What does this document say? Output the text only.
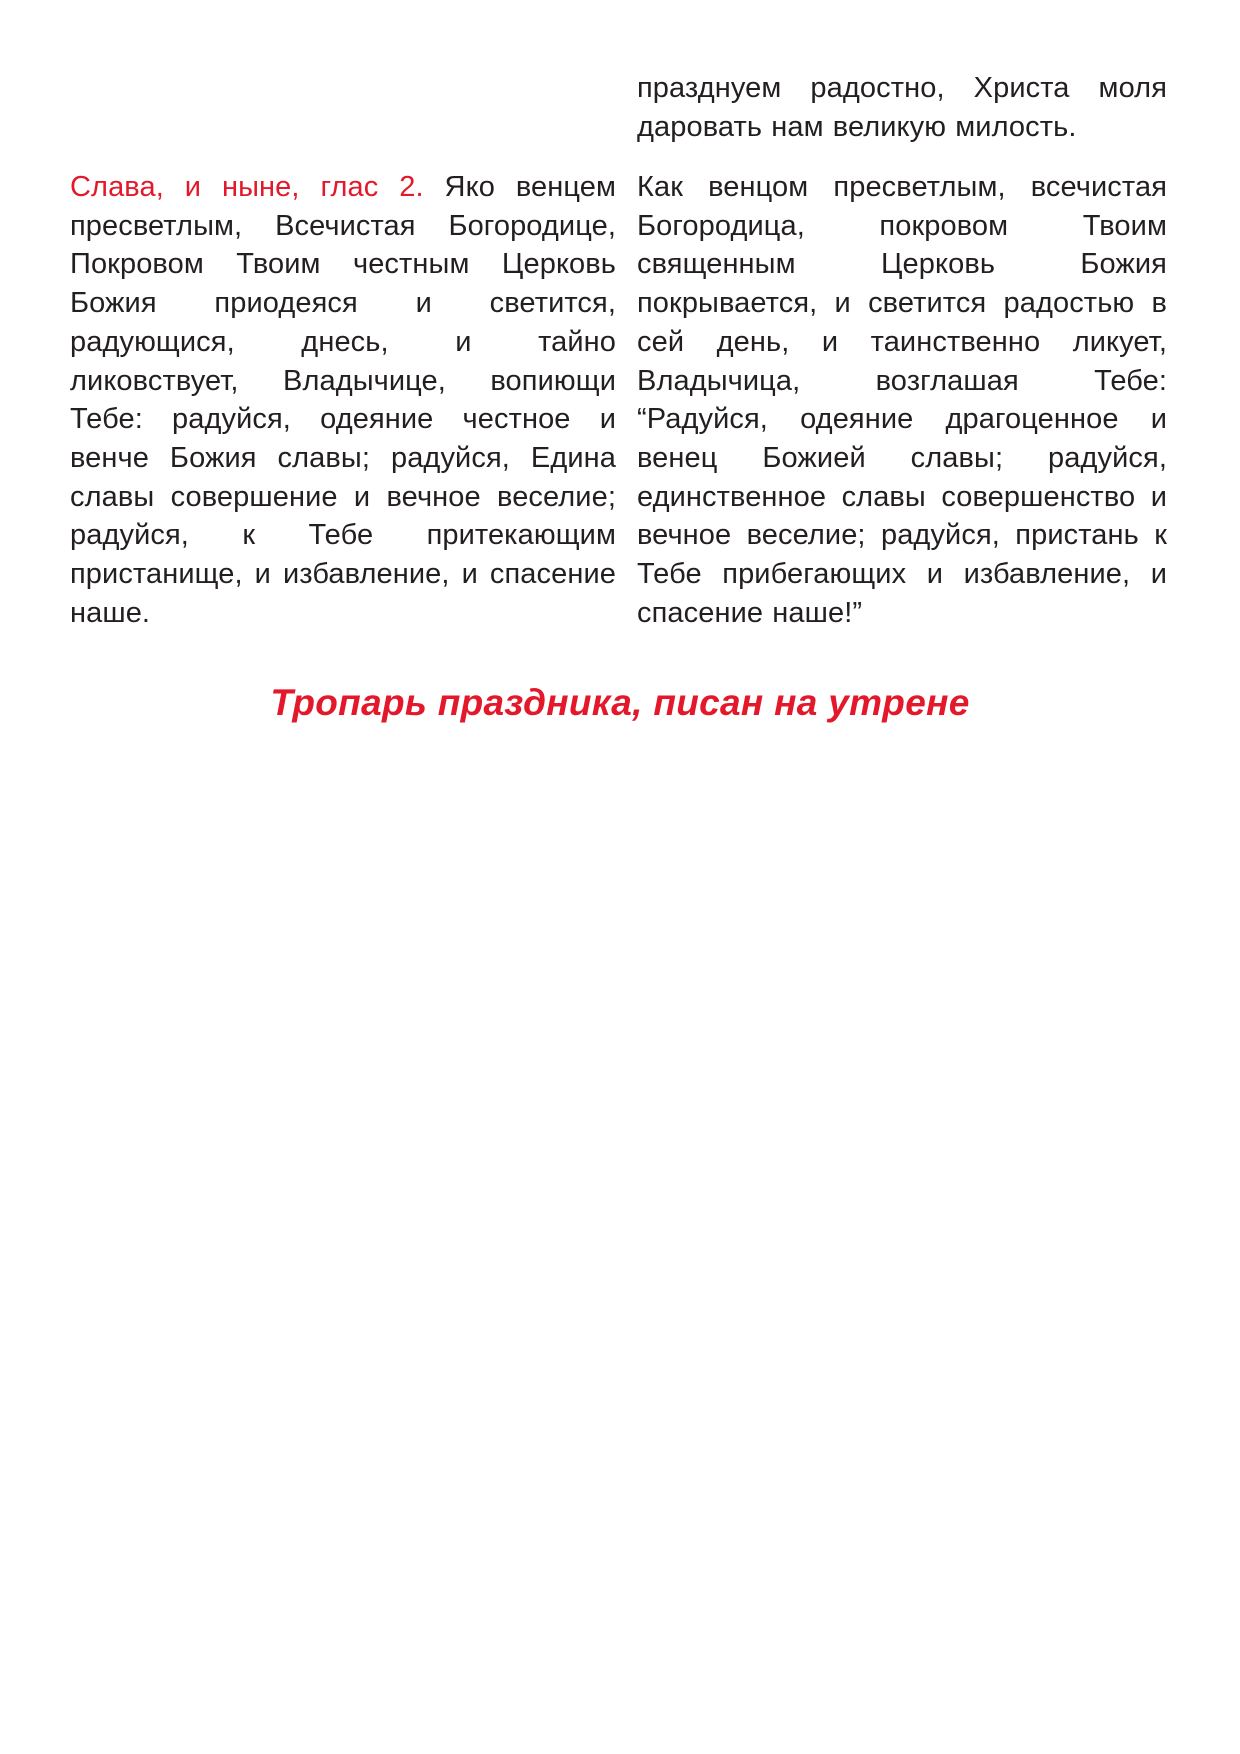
празднуем радостно, Христа моля даровать нам великую милость.
Слава, и ныне, глас 2. Яко венцем пресветлым, Всечистая Богородице, Покровом Твоим честным Церковь Божия приодеяся и светится, радующися, днесь, и тайно ликовствует, Владычице, вопиющи Тебе: радуйся, одеяние честное и венче Божия славы; радуйся, Едина славы совершение и вечное веселие; радуйся, к Тебе притекающим пристанище, и избавление, и спасение наше.
Как венцом пресветлым, всечистая Богородица, покровом Твоим священным Церковь Божия покрывается, и светится радостью в сей день, и таинственно ликует, Владычица, возглашая Тебе: “Радуйся, одеяние драгоценное и венец Божией славы; радуйся, единственное славы совершенство и вечное веселие; радуйся, пристань к Тебе прибегающих и избавление, и спасение наше!”
Тропарь праздника, писан на утрене
